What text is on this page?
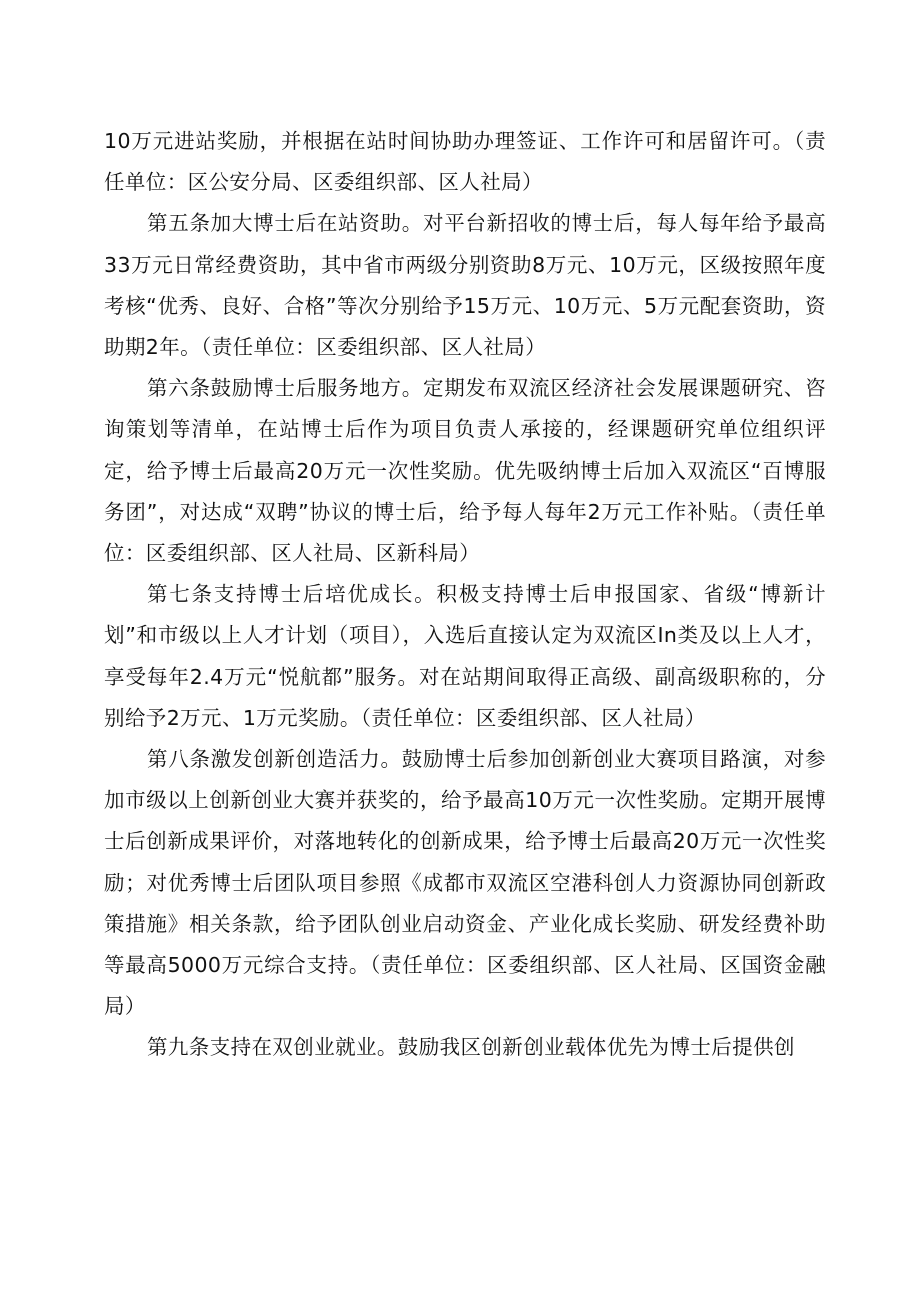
10万元进站奖励，并根据在站时间协助办理签证、工作许可和居留许可。（责任单位：区公安分局、区委组织部、区人社局）

第五条加大博士后在站资助。对平台新招收的博士后，每人每年给予最高33万元日常经费资助，其中省市两级分别资助8万元、10万元，区级按照年度考核“优秀、良好、合格”等次分别给予15万元、10万元、5万元配套资助，资助期2年。（责任单位：区委组织部、区人社局）

第六条鼓励博士后服务地方。定期发布双流区经济社会发展课题研究、咨询策划等清单，在站博士后作为项目负责人承接的，经课题研究单位组织评定，给予博士后最高20万元一次性奖励。优先吸纳博士后加入双流区“百博服务团”，对达成“双聘”协议的博士后，给予每人每年2万元工作补贴。（责任单位：区委组织部、区人社局、区新科局）

第七条支持博士后培优成长。积极支持博士后申报国家、省级“博新计划”和市级以上人才计划（项目），入选后直接认定为双流区In类及以上人才，享受每年2.4万元“悦航都”服务。对在站期间取得正高级、副高级职称的，分别给予2万元、1万元奖励。（责任单位：区委组织部、区人社局）

第八条激发创新创造活力。鼓励博士后参加创新创业大赛项目路演，对参加市级以上创新创业大赛并获奖的，给予最高10万元一次性奖励。定期开展博士后创新成果评价，对落地转化的创新成果，给予博士后最高20万元一次性奖励；对优秀博士后团队项目参照《成都市双流区空港科创人力资源协同创新政策措施》相关条款，给予团队创业启动资金、产业化成长奖励、研发经费补助等最高5000万元综合支持。（责任单位：区委组织部、区人社局、区国资金融局）

第九条支持在双创业就业。鼓励我区创新创业载体优先为博士后提供创
